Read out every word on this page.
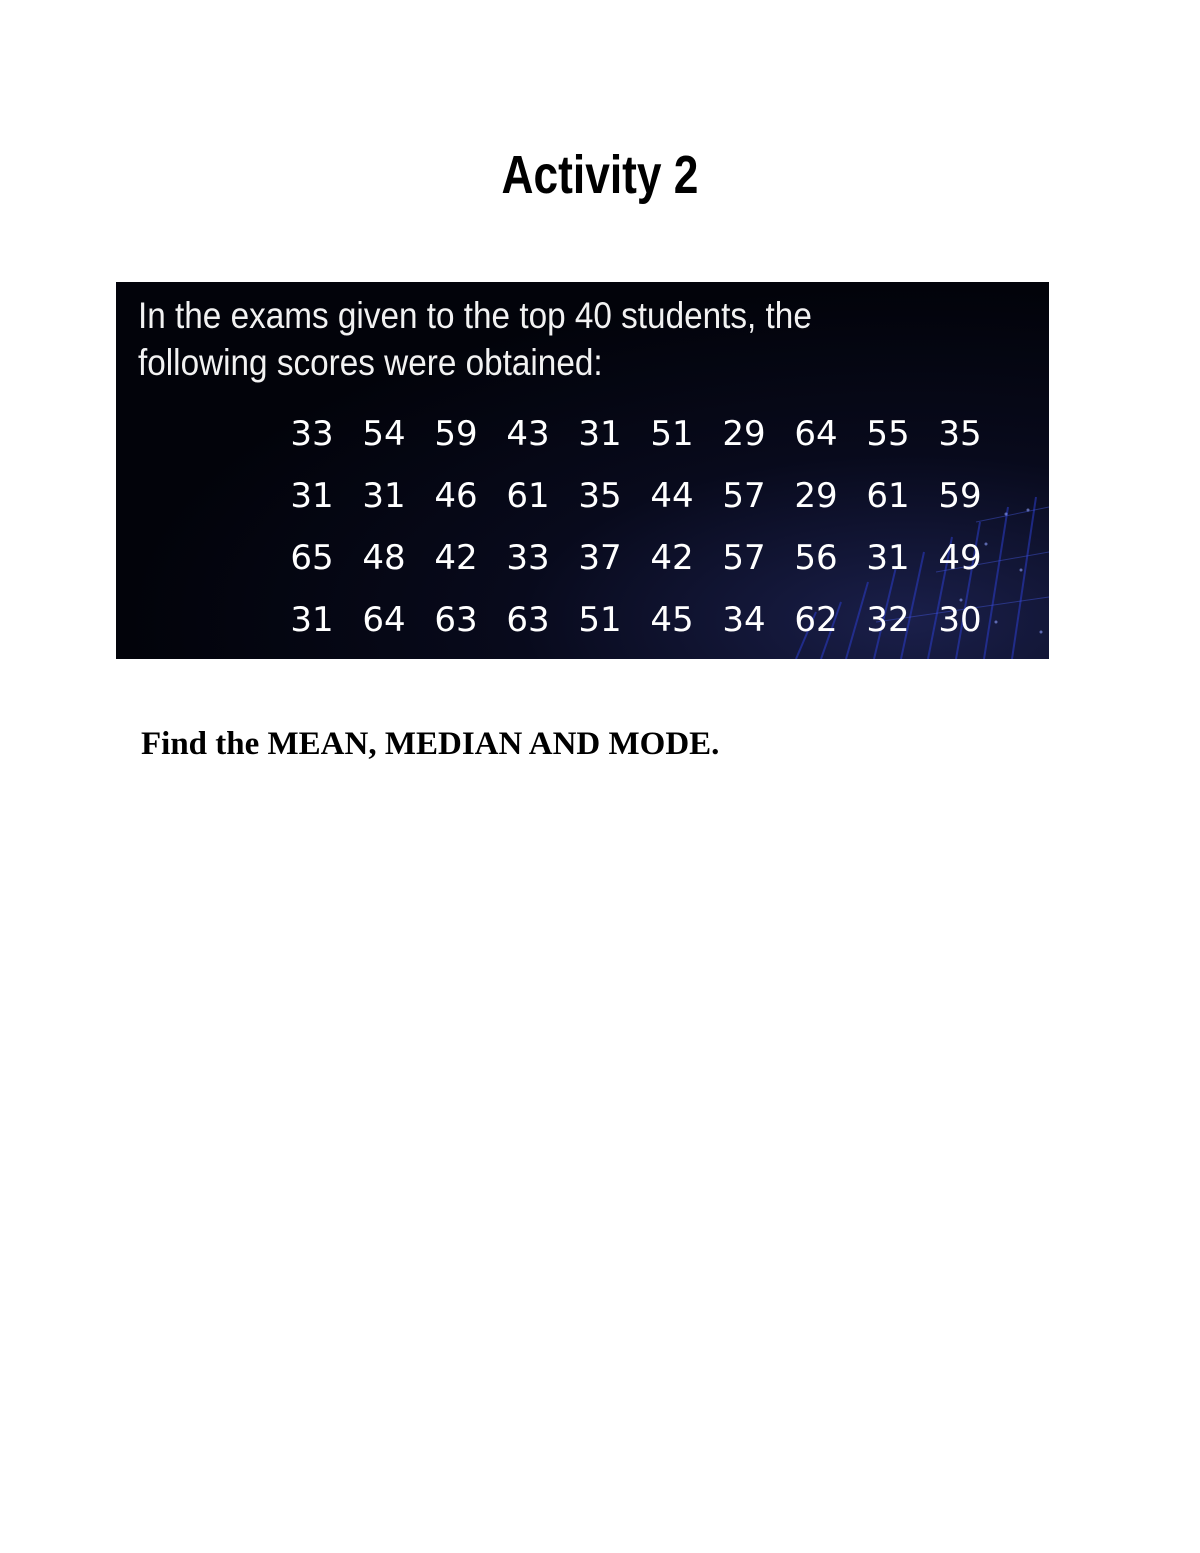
Activity 2
In the exams given to the top 40 students, the following scores were obtained:
33 54 59 43 31 51 29 64 55 35
31 31 46 61 35 44 57 29 61 59
65 48 42 33 37 42 57 56 31 49
31 64 63 63 51 45 34 62 32 30
Find the MEAN, MEDIAN AND MODE.
